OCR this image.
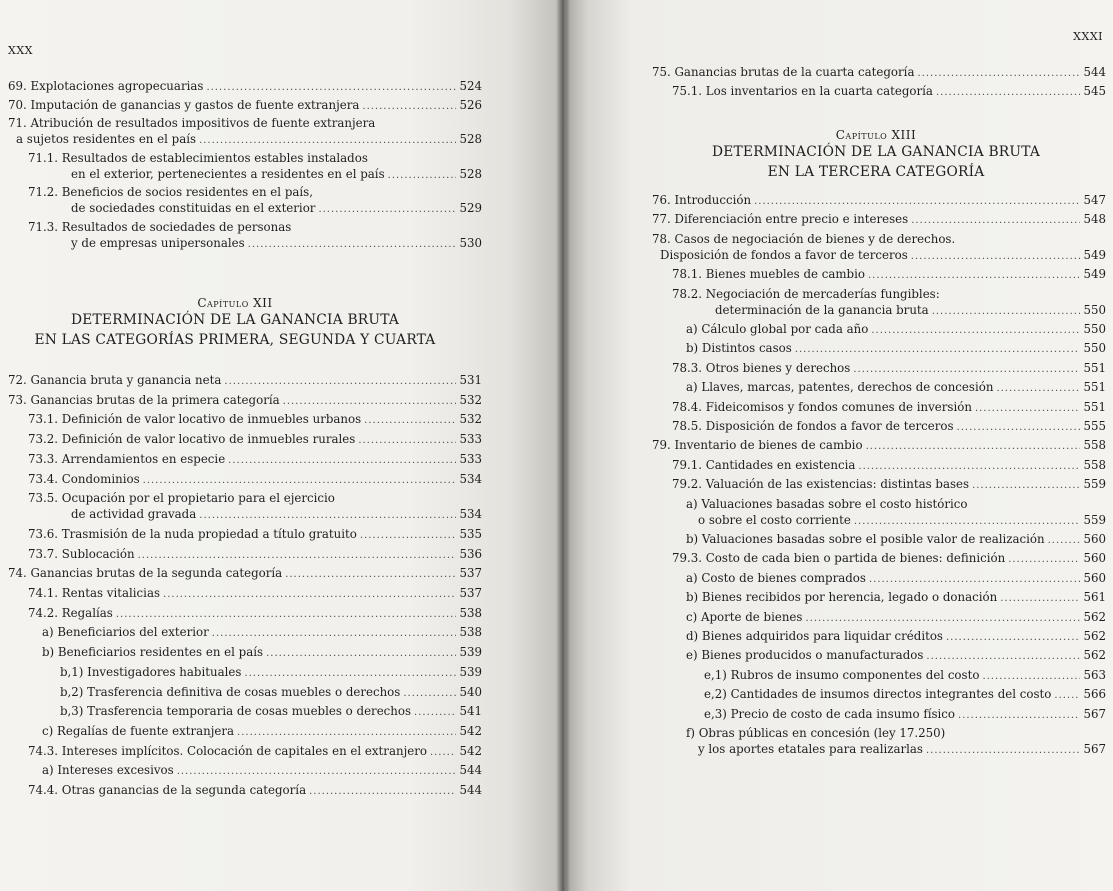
XXX
69. Explotaciones agropecuarias .....	524
70. Imputación de ganancias y gastos de fuente extranjera .....	526
71. Atribución de resultados impositivos de fuente extranjera
a sujetos residentes en el país .....	528
71.1. Resultados de establecimientos estables instalados
en el exterior, pertenecientes a residentes en el país .....	528
71.2. Beneficios de socios residentes en el país,
de sociedades constituidas en el exterior .....	529
71.3. Resultados de sociedades de personas
y de empresas unipersonales .....	530
Capítulo XII
DETERMINACIÓN DE LA GANANCIA BRUTA
EN LAS CATEGORÍAS PRIMERA, SEGUNDA Y CUARTA
72. Ganancia bruta y ganancia neta .....	531
73. Ganancias brutas de la primera categoría .....	532
73.1. Definición de valor locativo de inmuebles urbanos .....	532
73.2. Definición de valor locativo de inmuebles rurales .....	533
73.3. Arrendamientos en especie .....	533
73.4. Condominios .....	534
73.5. Ocupación por el propietario para el ejercicio
de actividad gravada .....	534
73.6. Trasmisión de la nuda propiedad a título gratuito .....	535
73.7. Sublocación .....	536
74. Ganancias brutas de la segunda categoría .....	537
74.1. Rentas vitalicias .....	537
74.2. Regalías .....	538
a) Beneficiarios del exterior .....	538
b) Beneficiarios residentes en el país .....	539
b,1) Investigadores habituales .....	539
b,2) Trasferencia definitiva de cosas muebles o derechos .....	540
b,3) Trasferencia temporaria de cosas muebles o derechos .....	541
c) Regalías de fuente extranjera .....	542
74.3. Intereses implícitos. Colocación de capitales en el extranjero .....	542
a) Intereses excesivos .....	544
74.4. Otras ganancias de la segunda categoría .....	544
XXXI
75. Ganancias brutas de la cuarta categoría .....	544
75.1. Los inventarios en la cuarta categoría .....	545
Capítulo XIII
DETERMINACIÓN DE LA GANANCIA BRUTA
EN LA TERCERA CATEGORÍA
76. Introducción .....	547
77. Diferenciación entre precio e intereses .....	548
78. Casos de negociación de bienes y de derechos.
Disposición de fondos a favor de terceros .....	549
78.1. Bienes muebles de cambio .....	549
78.2. Negociación de mercaderías fungibles:
determinación de la ganancia bruta .....	550
a) Cálculo global por cada año .....	550
b) Distintos casos .....	550
78.3. Otros bienes y derechos .....	551
a) Llaves, marcas, patentes, derechos de concesión .....	551
78.4. Fideicomisos y fondos comunes de inversión .....	551
78.5. Disposición de fondos a favor de terceros .....	555
79. Inventario de bienes de cambio .....	558
79.1. Cantidades en existencia .....	558
79.2. Valuación de las existencias: distintas bases .....	559
a) Valuaciones basadas sobre el costo histórico
o sobre el costo corriente .....	559
b) Valuaciones basadas sobre el posible valor de realización .....	560
79.3. Costo de cada bien o partida de bienes: definición .....	560
a) Costo de bienes comprados .....	560
b) Bienes recibidos por herencia, legado o donación .....	561
c) Aporte de bienes .....	562
d) Bienes adquiridos para liquidar créditos .....	562
e) Bienes producidos o manufacturados .....	562
e,1) Rubros de insumo componentes del costo .....	563
e,2) Cantidades de insumos directos integrantes del costo .....	566
e,3) Precio de costo de cada insumo físico .....	567
f) Obras públicas en concesión (ley 17.250)
y los aportes etatales para realizarlas .....	567
